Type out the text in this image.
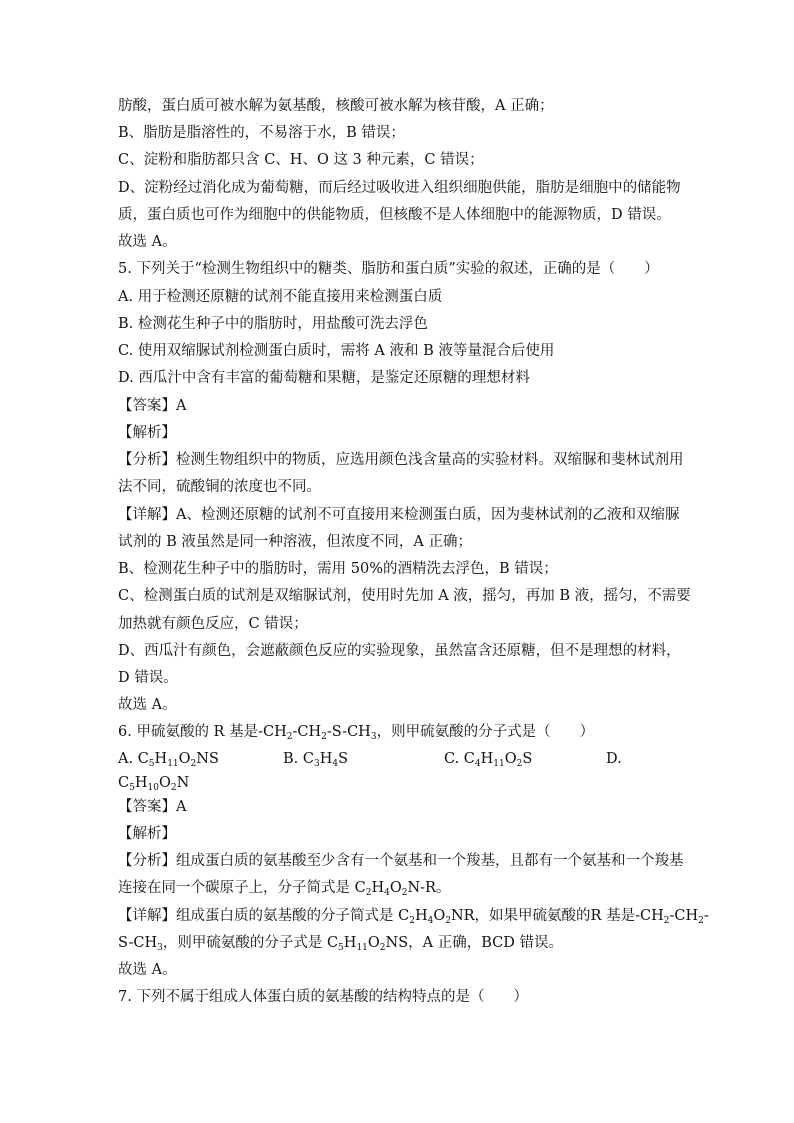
肪酸，蛋白质可被水解为氨基酸，核酸可被水解为核苷酸，A 正确；
B、脂肪是脂溶性的，不易溶于水，B 错误；
C、淀粉和脂肪都只含 C、H、O 这 3 种元素，C 错误；
D、淀粉经过消化成为葡萄糖，而后经过吸收进入组织细胞供能，脂肪是细胞中的储能物
质，蛋白质也可作为细胞中的供能物质，但核酸不是人体细胞中的能源物质，D 错误。
故选 A。
5. 下列关于“检测生物组织中的糖类、脂肪和蛋白质”实验的叙述，正确的是（　　）
A. 用于检测还原糖的试剂不能直接用来检测蛋白质
B. 检测花生种子中的脂肪时，用盐酸可洗去浮色
C. 使用双缩脲试剂检测蛋白质时，需将 A 液和 B 液等量混合后使用
D. 西瓜汁中含有丰富的葡萄糖和果糖，是鉴定还原糖的理想材料
【答案】A
【解析】
【分析】检测生物组织中的物质，应选用颜色浅含量高的实验材料。双缩脲和斐林试剂用
法不同，硫酸铜的浓度也不同。
【详解】A、检测还原糖的试剂不可直接用来检测蛋白质，因为斐林试剂的乙液和双缩脲
试剂的 B 液虽然是同一种溶液，但浓度不同，A 正确；
B、检测花生种子中的脂肪时，需用 50%的酒精洗去浮色，B 错误；
C、检测蛋白质的试剂是双缩脲试剂，使用时先加 A 液，摇匀，再加 B 液，摇匀，不需要
加热就有颜色反应，C 错误；
D、西瓜汁有颜色，会遮蔽颜色反应的实验现象，虽然富含还原糖，但不是理想的材料，
D 错误。
故选 A。
6. 甲硫氨酸的 R 基是$-CH_2-CH_2-S-CH_3$，则甲硫氨酸的分子式是（　　）
A. $C_5H_{11}O_2NS$	B. $C_3H_4S$	C. $C_4H_{11}O_2S$	D.
$C_5H_{10}O_2N$
【答案】A
【解析】
【分析】组成蛋白质的氨基酸至少含有一个氨基和一个羧基，且都有一个氨基和一个羧基
连接在同一个碳原子上，分子简式是 $C_2H_4O_2N-R$。
【详解】组成蛋白质的氨基酸的分子简式是 $C_2H_4O_2NR$，如果甲硫氨酸的R 基是$-CH_2-CH_2-$
$S-CH_3$，则甲硫氨酸的分子式是 $C_5H_{11}O_2NS$，A 正确，BCD 错误。
故选 A。
7. 下列不属于组成人体蛋白质的氨基酸的结构特点的是（　　）
